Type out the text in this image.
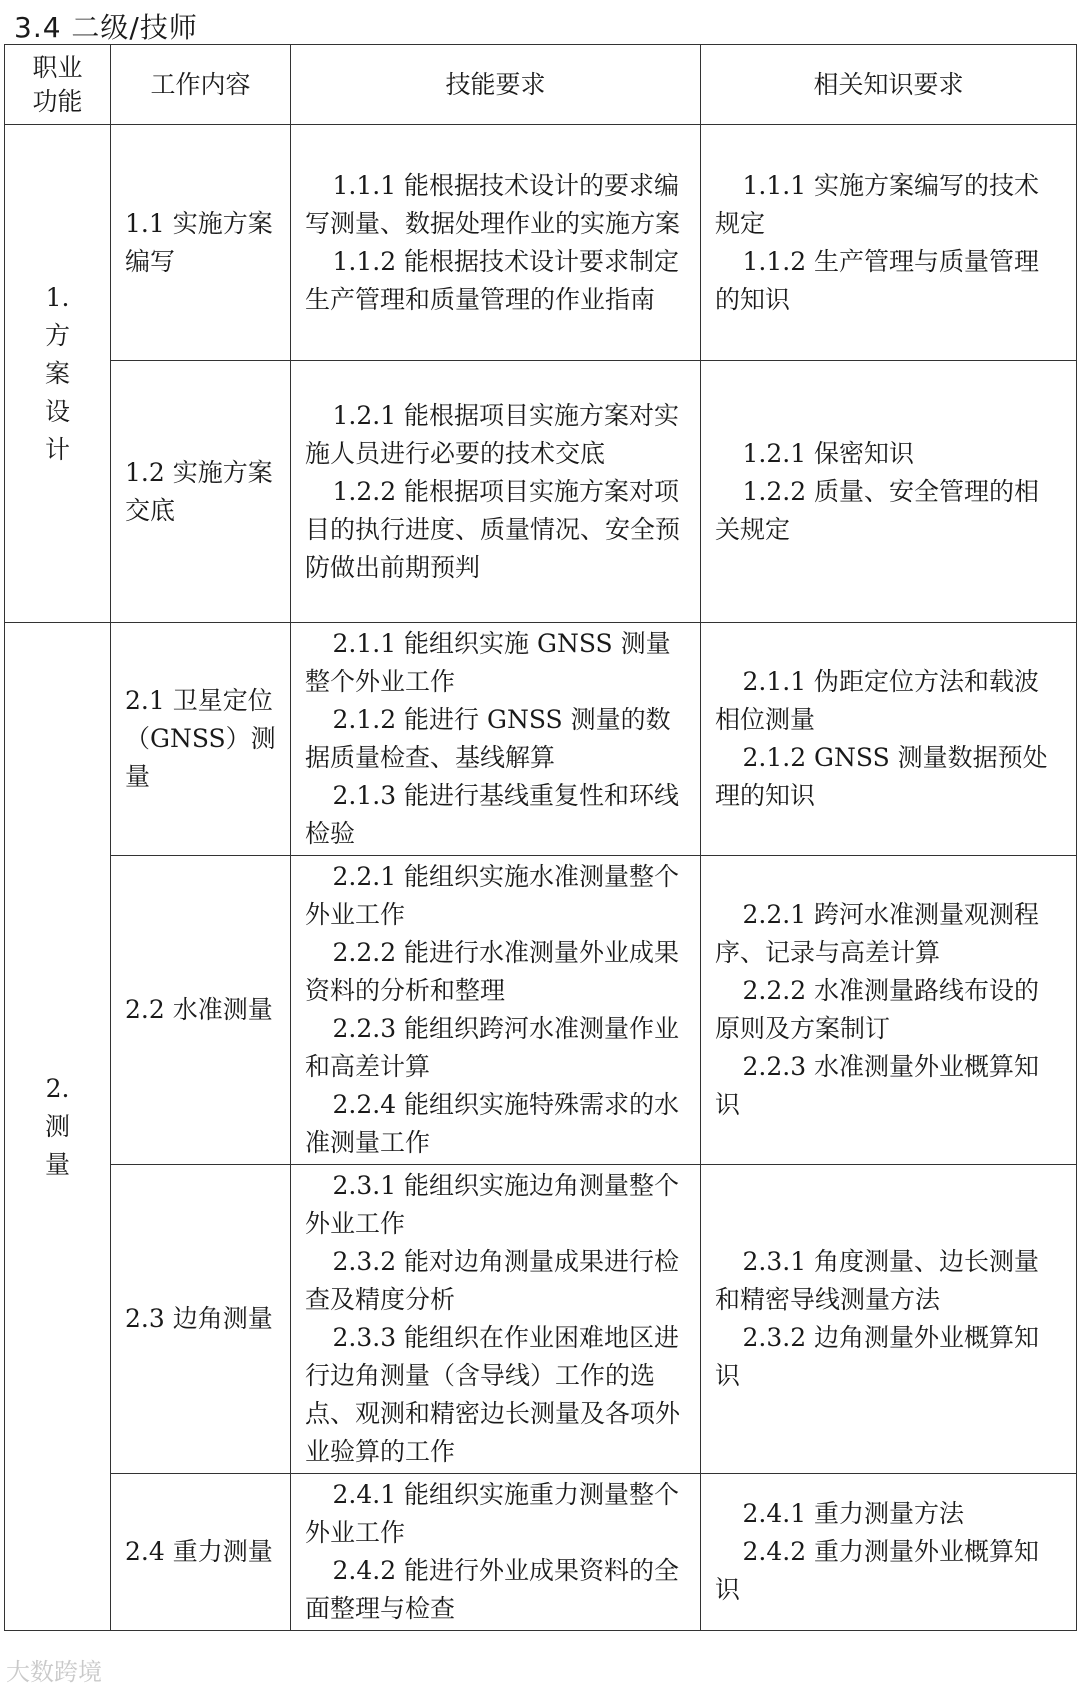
3.4 二级/技师
职业
功能	工作内容	技能要求	相关知识要求

1.
方
案
设
计	1.1 实施方案编写	1.1.1 能根据技术设计的要求编写测量、数据处理作业的实施方案
1.1.2 能根据技术设计要求制定生产管理和质量管理的作业指南	1.1.1 实施方案编写的技术规定
1.1.2 生产管理与质量管理的知识

	1.2 实施方案交底	1.2.1 能根据项目实施方案对实施人员进行必要的技术交底
1.2.2 能根据项目实施方案对项目的执行进度、质量情况、安全预防做出前期预判	1.2.1 保密知识
1.2.2 质量、安全管理的相关规定

2.
测
量	2.1 卫星定位（GNSS）测量	2.1.1 能组织实施 GNSS 测量整个外业工作
2.1.2 能进行 GNSS 测量的数据质量检查、基线解算
2.1.3 能进行基线重复性和环线检验	2.1.1 伪距定位方法和载波相位测量
2.1.2 GNSS 测量数据预处理的知识

	2.2 水准测量	2.2.1 能组织实施水准测量整个外业工作
2.2.2 能进行水准测量外业成果资料的分析和整理
2.2.3 能组织跨河水准测量作业和高差计算
2.2.4 能组织实施特殊需求的水准测量工作	2.2.1 跨河水准测量观测程序、记录与高差计算
2.2.2 水准测量路线布设的原则及方案制订
2.2.3 水准测量外业概算知识

	2.3 边角测量	2.3.1 能组织实施边角测量整个外业工作
2.3.2 能对边角测量成果进行检查及精度分析
2.3.3 能组织在作业困难地区进行边角测量（含导线）工作的选点、观测和精密边长测量及各项外业验算的工作	2.3.1 角度测量、边长测量和精密导线测量方法
2.3.2 边角测量外业概算知识

	2.4 重力测量	2.4.1 能组织实施重力测量整个外业工作
2.4.2 能进行外业成果资料的全面整理与检查	2.4.1 重力测量方法
2.4.2 重力测量外业概算知识
大数跨境
